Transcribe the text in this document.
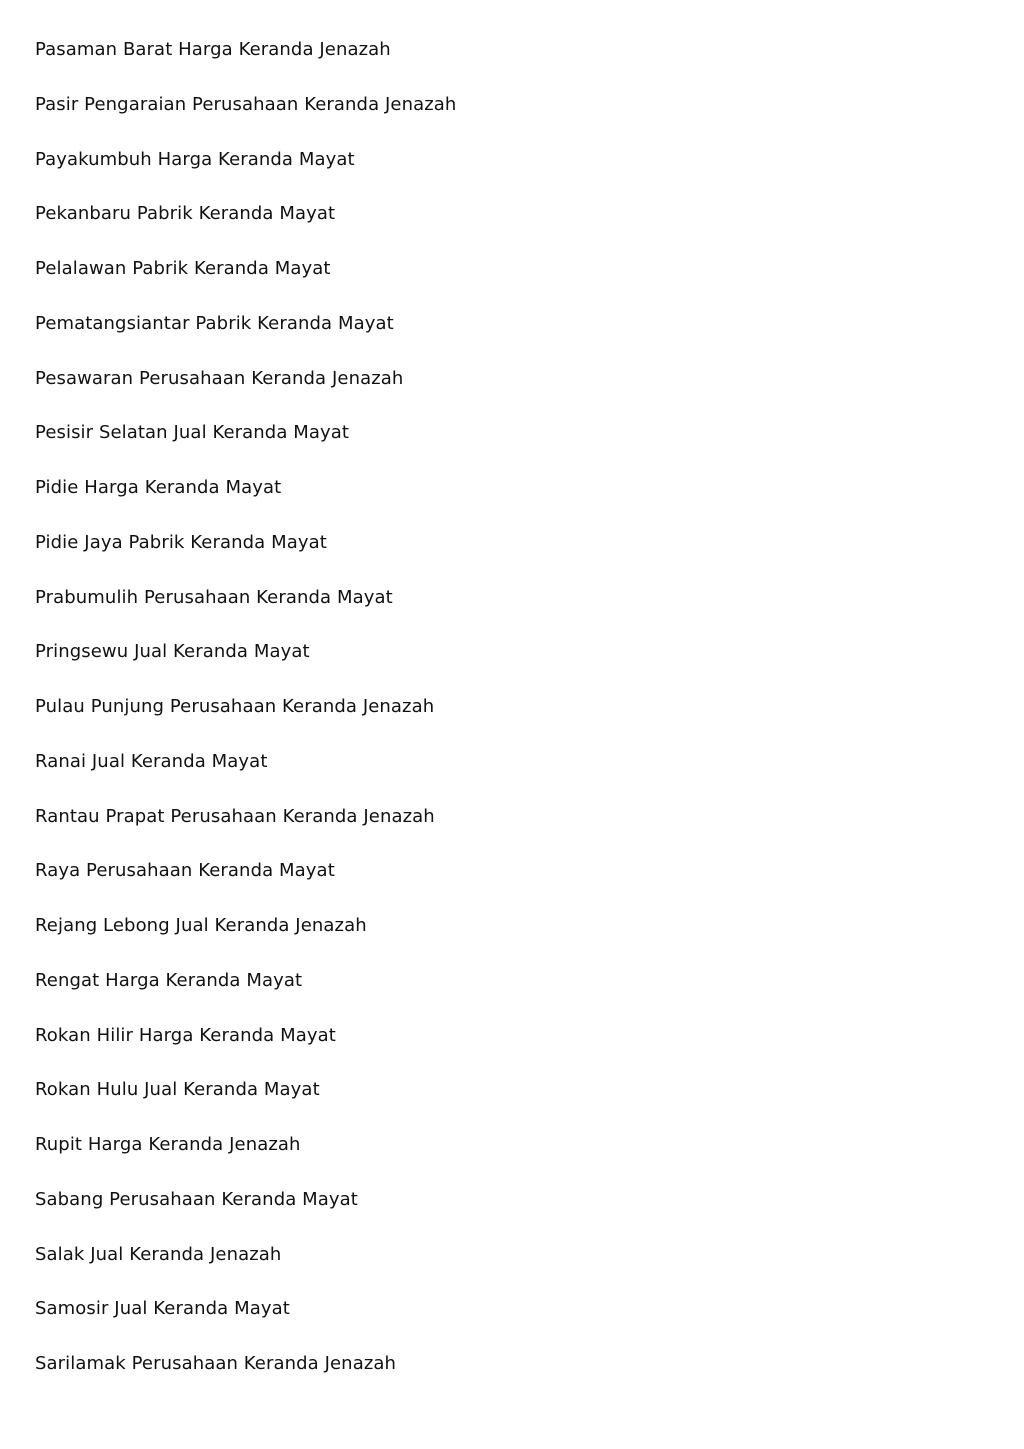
Pasaman Barat Harga Keranda Jenazah
Pasir Pengaraian Perusahaan Keranda Jenazah
Payakumbuh Harga Keranda Mayat
Pekanbaru Pabrik Keranda Mayat
Pelalawan Pabrik Keranda Mayat
Pematangsiantar Pabrik Keranda Mayat
Pesawaran Perusahaan Keranda Jenazah
Pesisir Selatan Jual Keranda Mayat
Pidie Harga Keranda Mayat
Pidie Jaya Pabrik Keranda Mayat
Prabumulih Perusahaan Keranda Mayat
Pringsewu Jual Keranda Mayat
Pulau Punjung Perusahaan Keranda Jenazah
Ranai Jual Keranda Mayat
Rantau Prapat Perusahaan Keranda Jenazah
Raya Perusahaan Keranda Mayat
Rejang Lebong Jual Keranda Jenazah
Rengat Harga Keranda Mayat
Rokan Hilir Harga Keranda Mayat
Rokan Hulu Jual Keranda Mayat
Rupit Harga Keranda Jenazah
Sabang Perusahaan Keranda Mayat
Salak Jual Keranda Jenazah
Samosir Jual Keranda Mayat
Sarilamak Perusahaan Keranda Jenazah
